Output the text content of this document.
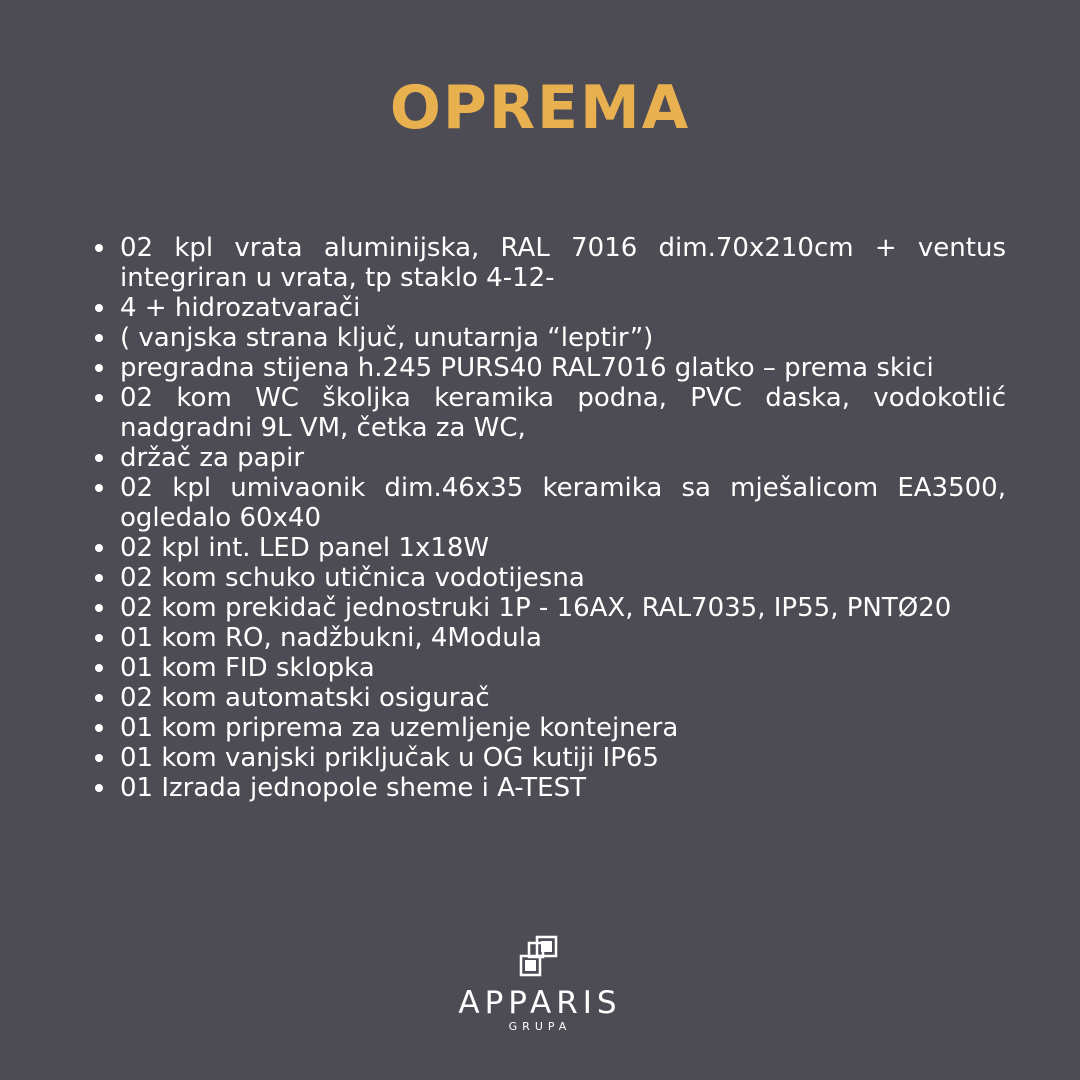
OPREMA
02 kpl vrata aluminijska, RAL 7016 dim.70x210cm + ventus integriran u vrata, tp staklo 4-12-
4 + hidrozatvarači
( vanjska strana ključ, unutarnja “leptir”)
pregradna stijena h.245 PURS40 RAL7016 glatko – prema skici
02 kom WC školjka keramika podna, PVC daska, vodokotlić nadgradni 9L VM, četka za WC,
držač za papir
02 kpl umivaonik dim.46x35 keramika sa mješalicom EA3500, ogledalo 60x40
02 kpl int. LED panel 1x18W
02 kom schuko utičnica vodotijesna
02 kom prekidač jednostruki 1P - 16AX, RAL7035, IP55, PNTØ20
01 kom RO, nadžbukni, 4Modula
01 kom FID sklopka
02 kom automatski osigurač
01 kom priprema za uzemljenje kontejnera
01 kom vanjski priključak u OG kutiji IP65
01 Izrada jednopole sheme i A-TEST
APPARIS
GRUPA
